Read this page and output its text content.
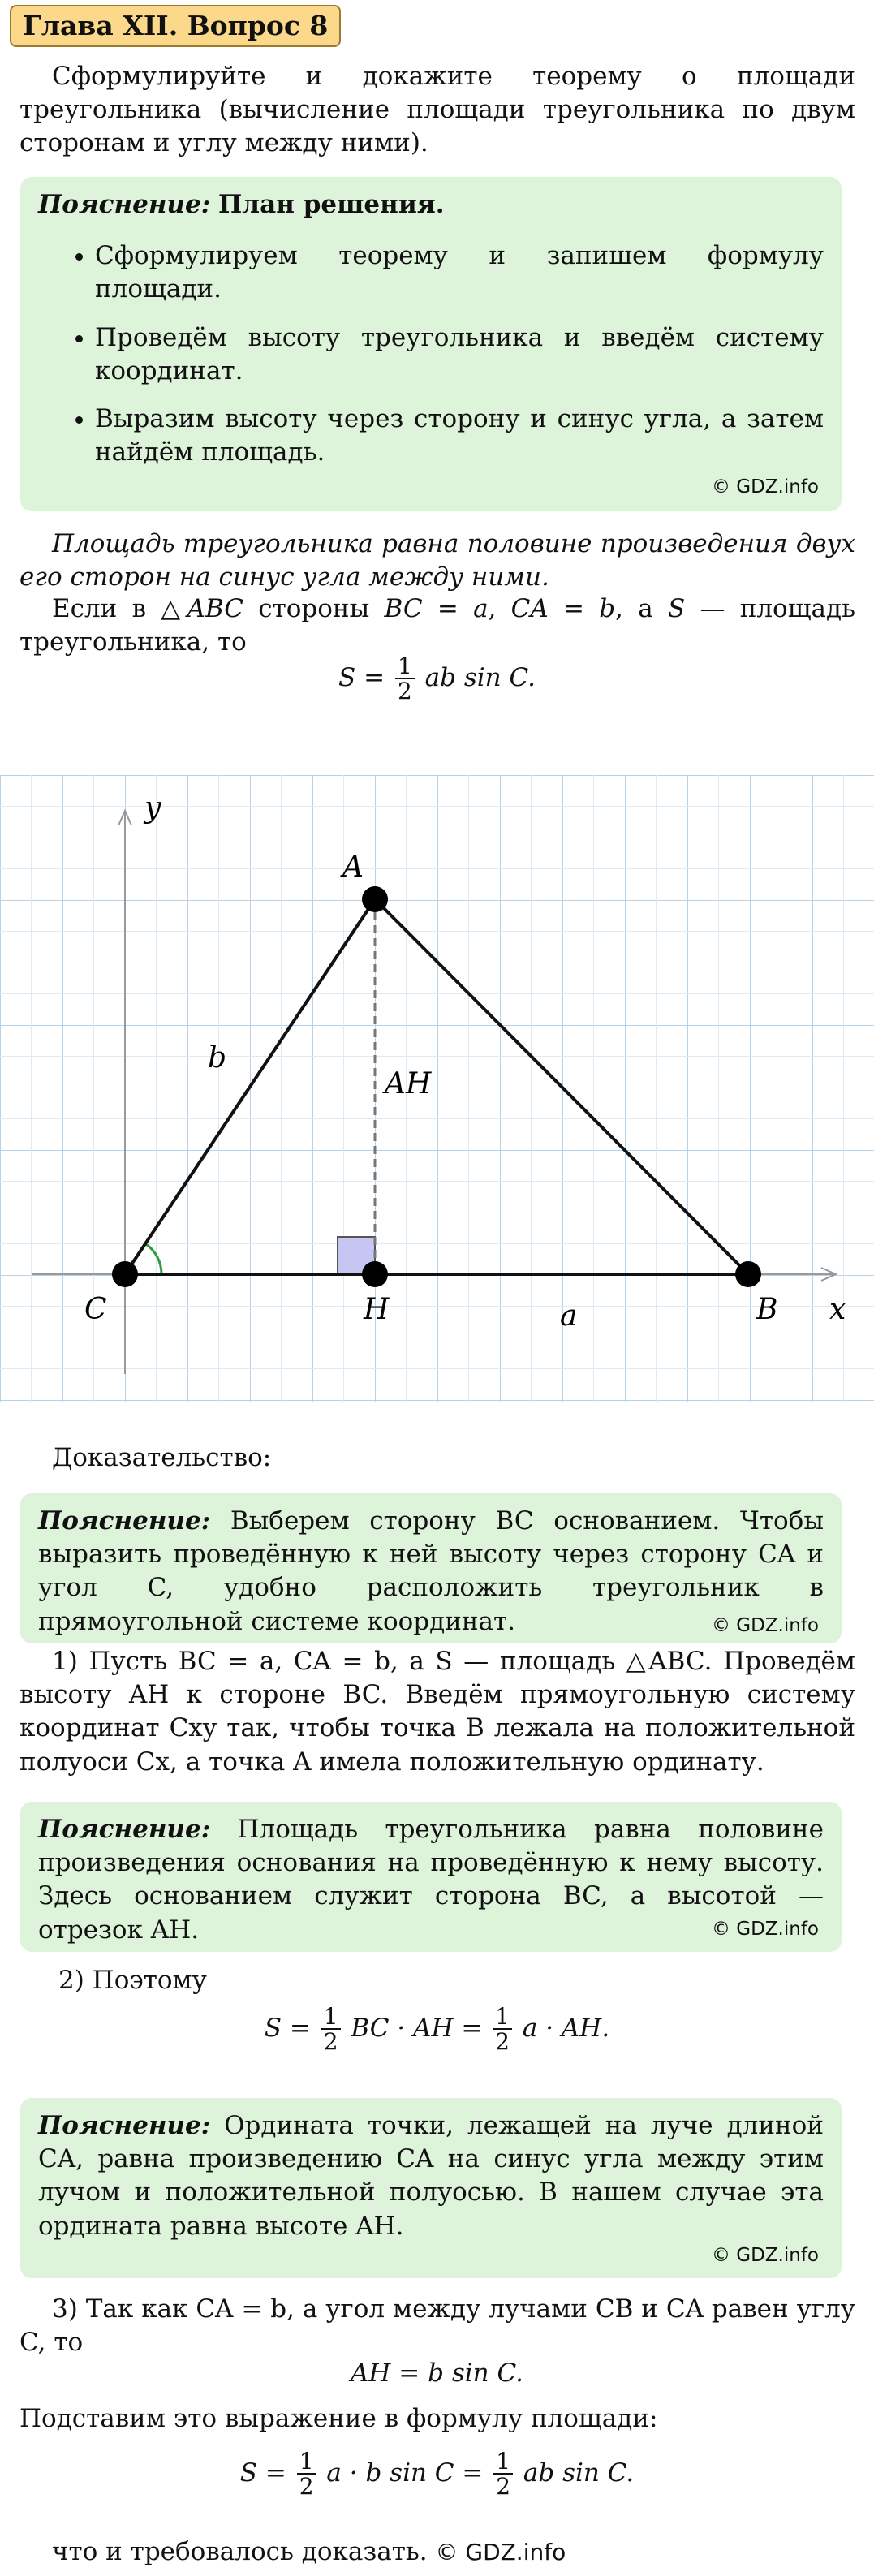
Глава XII. Вопрос 8
Сформулируйте и докажите теорему о площади треугольника (вычисление площади треугольника по двум сторонам и углу между ними).
Пояснение: План решения.
• Сформулируем теорему и запишем формулу площади.
• Проведём высоту треугольника и введём систему координат.
• Выразим высоту через сторону и синус угла, а затем найдём площадь.
© GDZ.info
Площадь треугольника равна половине произведения двух его сторон на синус угла между ними.
Если в △ABC стороны BC = a, CA = b, а S — площадь треугольника, то
$S = \frac{1}{2}$ ab sin C.
y
x
A
B
C	H	a
b
AH
Доказательство:
Пояснение: Выберем сторону BC основанием. Чтобы выразить проведённую к ней высоту через сторону CA и угол C, удобно расположить треугольник в прямоугольной системе координат.	© GDZ.info
1) Пусть BC = a, CA = b, а S — площадь △ABC. Проведём высоту AH к стороне BC. Введём прямоугольную систему координат Cxy так, чтобы точка B лежала на положительной полуоси Cx, а точка A имела положительную ординату.
Пояснение: Площадь треугольника равна половине произведения основания на проведённую к нему высоту. Здесь основанием служит сторона BC, а высотой — отрезок AH.	© GDZ.info
2) Поэтому
$S = \frac{1}{2}$ BC · AH = $\frac{1}{2}$ a · AH.
Пояснение: Ордината точки, лежащей на луче длиной CA, равна произведению CA на синус угла между этим лучом и положительной полуосью. В нашем случае эта ордината равна высоте AH.
© GDZ.info
3) Так как CA = b, а угол между лучами CB и CA равен углу C, то
AH = b sin C.
Подставим это выражение в формулу площади:
$S = \frac{1}{2}$ a · b $\sin C = \frac{1}{2}$ ab sin C.
что и требовалось доказать. © GDZ.info
